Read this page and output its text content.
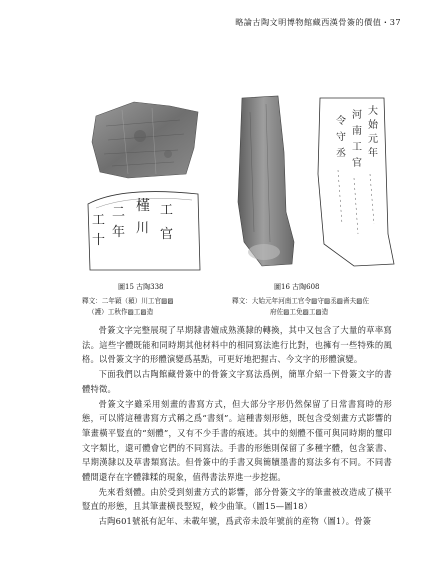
略論古陶文明博物館藏西漢骨簽的價值・37
工
十
二
年
槿
川
工
官
圖15 古陶338
釋文：二年穎（潁）川工官▨▨
（護）工秋作▨工▨造
大
始
元
年
河
南
工
官
令
守
丞
圖16 古陶608
釋文：大始元年河南工官令▨守▨丞▨嗇夫▨佐
府佐▨工免▨工▨造

骨簽文字完整展現了早期隸書嬗成熟漢隸的轉換，其中又包含了大量的草率寫法。這些字體既能和同時期其他材料中的相同寫法進行比對，也擁有一些特殊的風格。以骨簽文字的形體演變爲基點，可更好地把握古、今文字的形體演變。

下面我們以古陶館藏骨簽中的骨簽文字寫法爲例，簡單介紹一下骨簽文字的書體特徵。

骨簽文字雖采用刻畫的書寫方式，但大部分字形仍然保留了日常書寫時的形態，可以將這種書寫方式稱之爲“書刻”。這種書刻形態，既包含受刻畫方式影響的筆畫橫平豎直的“刻體”，又有不少手書的痕迹。其中的刻體不僅可與同時期的璽印文字類比，還可體會它們的不同寫法。手書的形態則保留了多種字體，包含篆書、早期漢隸以及草書類寫法。但骨簽中的手書又與簡牘墨書的寫法多有不同。不同書體間還存在字體雜糅的現象，值得書法界進一步挖掘。

先來看刻體。由於受到刻畫方式的影響，部分骨簽文字的筆畫被改造成了橫平豎直的形態，且其筆畫横長竪短，較少曲筆。（圖15—圖18）

古陶601號祇有記年、未載年號，爲武帝未設年號前的産物（圖1）。骨簽
